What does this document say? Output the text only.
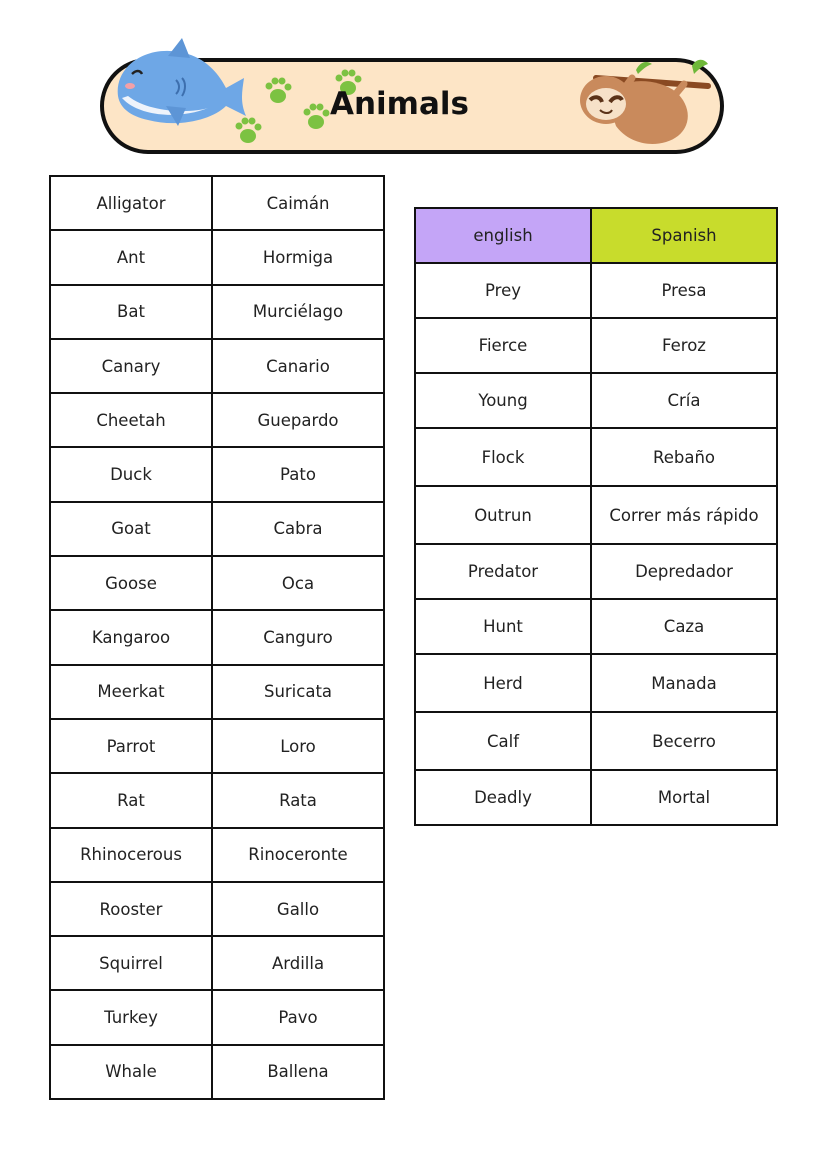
Animals
Alligator	Caimán
Ant	Hormiga
Bat	Murciélago
Canary	Canario
Cheetah	Guepardo
Duck	Pato
Goat	Cabra
Goose	Oca
Kangaroo	Canguro
Meerkat	Suricata
Parrot	Loro
Rat	Rata
Rhinocerous	Rinoceronte
Rooster	Gallo
Squirrel	Ardilla
Turkey	Pavo
Whale	Ballena
english	Spanish
Prey	Presa
Fierce	Feroz
Young	Cría
Flock	Rebaño
Outrun	Correr más rápido
Predator	Depredador
Hunt	Caza
Herd	Manada
Calf	Becerro
Deadly	Mortal
